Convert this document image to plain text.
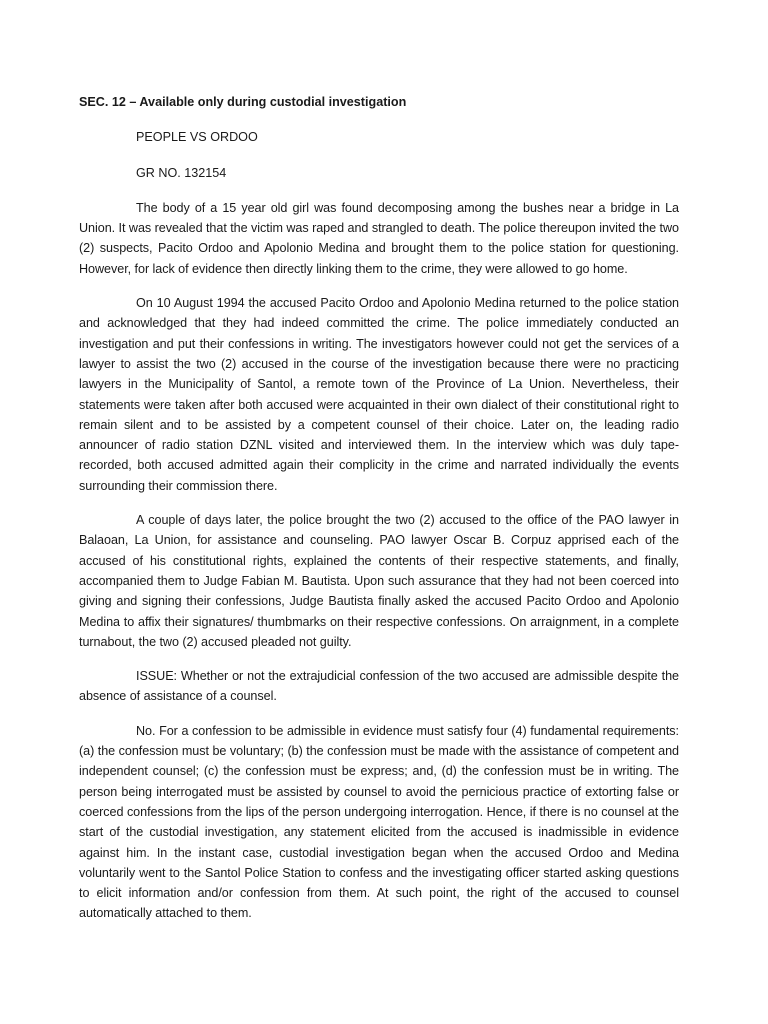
SEC. 12 – Available only during custodial investigation

PEOPLE VS ORDOO

GR NO. 132154

The body of a 15 year old girl was found decomposing among the bushes near a bridge in La Union. It was revealed that the victim was raped and strangled to death. The police thereupon invited the two (2) suspects, Pacito Ordoo and Apolonio Medina and brought them to the police station for questioning. However, for lack of evidence then directly linking them to the crime, they were allowed to go home.

On 10 August 1994 the accused Pacito Ordoo and Apolonio Medina returned to the police station and acknowledged that they had indeed committed the crime. The police immediately conducted an investigation and put their confessions in writing. The investigators however could not get the services of a lawyer to assist the two (2) accused in the course of the investigation because there were no practicing lawyers in the Municipality of Santol, a remote town of the Province of La Union. Nevertheless, their statements were taken after both accused were acquainted in their own dialect of their constitutional right to remain silent and to be assisted by a competent counsel of their choice. Later on, the leading radio announcer of radio station DZNL visited and interviewed them. In the interview which was duly tape-recorded, both accused admitted again their complicity in the crime and narrated individually the events surrounding their commission there.

A couple of days later, the police brought the two (2) accused to the office of the PAO lawyer in Balaoan, La Union, for assistance and counseling. PAO lawyer Oscar B. Corpuz apprised each of the accused of his constitutional rights, explained the contents of their respective statements, and finally, accompanied them to Judge Fabian M. Bautista. Upon such assurance that they had not been coerced into giving and signing their confessions, Judge Bautista finally asked the accused Pacito Ordoo and Apolonio Medina to affix their signatures/ thumbmarks on their respective confessions. On arraignment, in a complete turnabout, the two (2) accused pleaded not guilty.

ISSUE: Whether or not the extrajudicial confession of the two accused are admissible despite the absence of assistance of a counsel.

No. For a confession to be admissible in evidence must satisfy four (4) fundamental requirements: (a) the confession must be voluntary; (b) the confession must be made with the assistance of competent and independent counsel; (c) the confession must be express; and, (d) the confession must be in writing. The person being interrogated must be assisted by counsel to avoid the pernicious practice of extorting false or coerced confessions from the lips of the person undergoing interrogation. Hence, if there is no counsel at the start of the custodial investigation, any statement elicited from the accused is inadmissible in evidence against him. In the instant case, custodial investigation began when the accused Ordoo and Medina voluntarily went to the Santol Police Station to confess and the investigating officer started asking questions to elicit information and/or confession from them. At such point, the right of the accused to counsel automatically attached to them.
